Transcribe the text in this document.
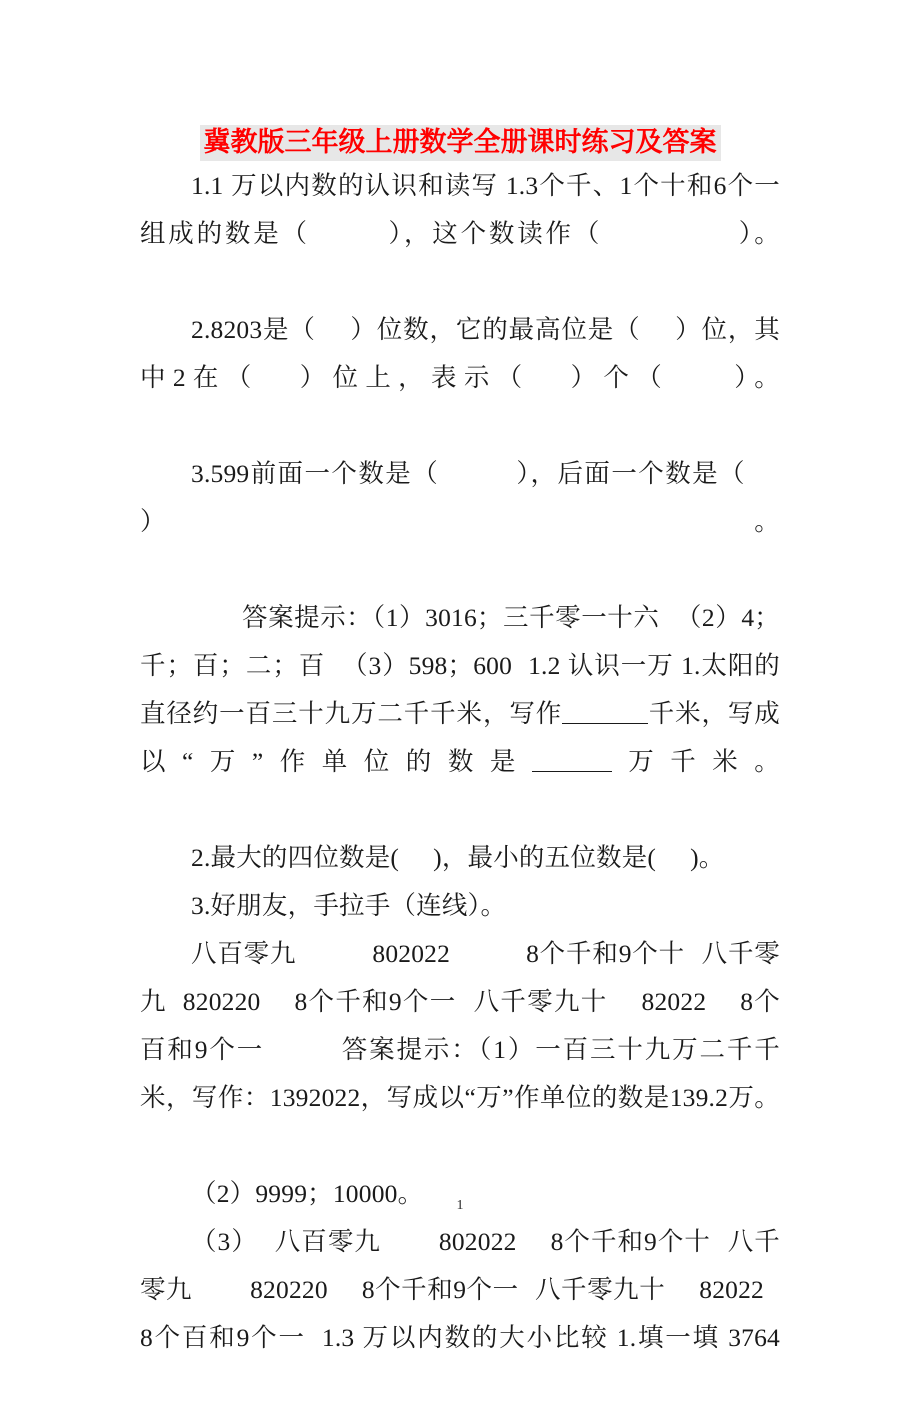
冀教版三年级上册数学全册课时练习及答案

1.1 万以内数的认识和读写 1.3个千、1个十和6个一组成的数是（	），这个数读作（	）。

2.8203是（ ）位数，它的最高位是（ ）位，其中2在（ ）位上，表示（ ）个（ ）。

3.599前面一个数是（	），后面一个数是（）。

答案提示：（1）3016；三千零一十六 （2）4；千；百；二；百 （3）598；600 1.2 认识一万 1.太阳的直径约一百三十九万二千千米，写作	千米，写成以“万”作单位的数是	万千米。

2.最大的四位数是( )，最小的五位数是( )。

3.好朋友，手拉手（连线）。

八百零九	802022	8个千和9个十 八千零九 820220 8个千和9个一 八千零九十 82022 8个百和9个一	答案提示：（1）一百三十九万二千千米，写作：1392022，写成以“万”作单位的数是139.2万。

（2）9999；10000。

（3） 八百零九 802022 8个千和9个十 八千零九 820220 8个千和9个一 八千零九十 820228个百和9个一 1.3 万以内数的大小比较 1.填一填 3764

1
